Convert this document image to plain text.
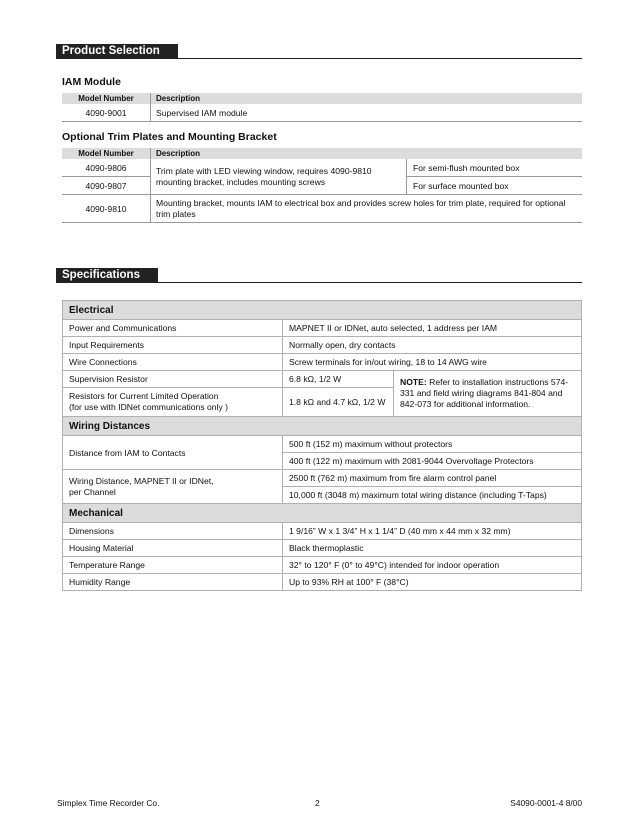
Product Selection
IAM Module
Model Number	Description
4090-9001	Supervised IAM module
Optional Trim Plates and Mounting Bracket
Model Number	Description	
4090-9806	Trim plate with LED viewing window, requires 4090-9810 mounting bracket, includes mounting screws	For semi-flush mounted box
4090-9807		For surface mounted box
4090-9810	Mounting bracket, mounts IAM to electrical box and provides screw holes for trim plate, required for optional trim plates	
Specifications
Electrical		
Power and Communications	MAPNET II or IDNet, auto selected, 1 address per IAM	
Input Requirements	Normally open, dry contacts	
Wire Connections	Screw terminals for in/out wiring, 18 to 14 AWG wire	
Supervision Resistor	6.8 kΩ, 1/2 W	NOTE: Refer to installation instructions 574-331 and field wiring diagrams 841-804 and 842-073 for additional information.
Resistors for Current Limited Operation
(for use with IDNet communications only )	1.8 kΩ and 4.7 kΩ, 1/2 W	
Wiring Distances		
Distance from IAM to Contacts	500 ft (152 m) maximum without protectors	
	400 ft (122 m) maximum with 2081-9044 Overvoltage Protectors	
Wiring Distance, MAPNET II or IDNet,
per Channel	2500 ft (762 m) maximum from fire alarm control panel	
	10,000 ft (3048 m) maximum total wiring distance (including T-Taps)	
Mechanical		
Dimensions	1 9/16” W x 1 3/4” H x 1 1/4” D (40 mm x 44 mm x 32 mm)	
Housing Material	Black thermoplastic	
Temperature Range	32° to 120° F (0° to 49°C) intended for indoor operation	
Humidity Range	Up to 93% RH at 100° F (38°C)	
Simplex Time Recorder Co.	2	S4090-0001-4 8/00
